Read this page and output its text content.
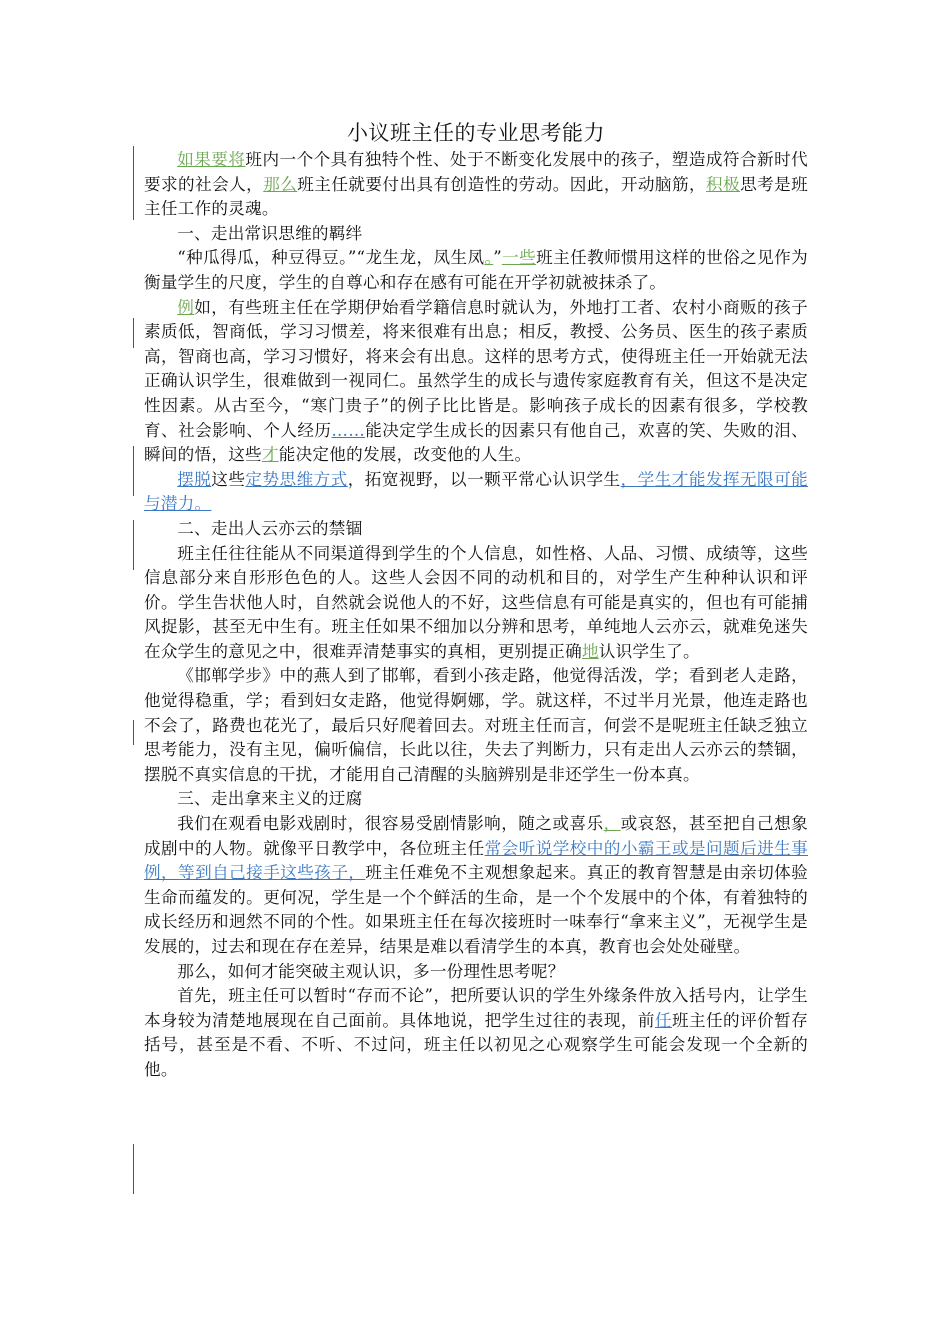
小议班主任的专业思考能力

如果要将班内一个个具有独特个性、处于不断变化发展中的孩子，塑造成符合新时代要求的社会人，那么班主任就要付出具有创造性的劳动。因此，开动脑筋，积极思考是班主任工作的灵魂。

一、走出常识思维的羁绊

“种瓜得瓜，种豆得豆。”“龙生龙，凤生凤。”一些班主任教师惯用这样的世俗之见作为衡量学生的尺度，学生的自尊心和存在感有可能在开学初就被抹杀了。

例如，有些班主任在学期伊始看学籍信息时就认为，外地打工者、农村小商贩的孩子素质低，智商低，学习习惯差，将来很难有出息；相反，教授、公务员、医生的孩子素质高，智商也高，学习习惯好，将来会有出息。这样的思考方式，使得班主任一开始就无法正确认识学生，很难做到一视同仁。虽然学生的成长与遗传家庭教育有关，但这不是决定性因素。从古至今，“寒门贵子”的例子比比皆是。影响孩子成长的因素有很多，学校教育、社会影响、个人经历……能决定学生成长的因素只有他自己，欢喜的笑、失败的泪、瞬间的悟，这些才能决定他的发展，改变他的人生。

摆脱这些定势思维方式，拓宽视野，以一颗平常心认识学生，学生才能发挥无限可能与潜力。

二、走出人云亦云的禁锢

班主任往往能从不同渠道得到学生的个人信息，如性格、人品、习惯、成绩等，这些信息部分来自形形色色的人。这些人会因不同的动机和目的，对学生产生种种认识和评价。学生告状他人时，自然就会说他人的不好，这些信息有可能是真实的，但也有可能捕风捉影，甚至无中生有。班主任如果不细加以分辨和思考，单纯地人云亦云，就难免迷失在众学生的意见之中，很难弄清楚事实的真相，更别提正确地认识学生了。

《邯郸学步》中的燕人到了邯郸，看到小孩走路，他觉得活泼，学；看到老人走路，他觉得稳重，学；看到妇女走路，他觉得婀娜，学。就这样，不过半月光景，他连走路也不会了，路费也花光了，最后只好爬着回去。对班主任而言，何尝不是呢班主任缺乏独立思考能力，没有主见，偏听偏信，长此以往，失去了判断力，只有走出人云亦云的禁锢，摆脱不真实信息的干扰，才能用自己清醒的头脑辨别是非还学生一份本真。

三、走出拿来主义的迂腐

我们在观看电影戏剧时，很容易受剧情影响，随之或喜乐，或哀怒，甚至把自己想象成剧中的人物。就像平日教学中，各位班主任常会听说学校中的小霸王或是问题后进生事例，等到自己接手这些孩子，班主任难免不主观想象起来。真正的教育智慧是由亲切体验生命而蕴发的。更何况，学生是一个个鲜活的生命，是一个个发展中的个体，有着独特的成长经历和迥然不同的个性。如果班主任在每次接班时一味奉行“拿来主义”，无视学生是发展的，过去和现在存在差异，结果是难以看清学生的本真，教育也会处处碰壁。

那么，如何才能突破主观认识，多一份理性思考呢？

首先，班主任可以暂时“存而不论”，把所要认识的学生外缘条件放入括号内，让学生本身较为清楚地展现在自己面前。具体地说，把学生过往的表现，前任班主任的评价暂存括号，甚至是不看、不听、不过问，班主任以初见之心观察学生可能会发现一个全新的他。
